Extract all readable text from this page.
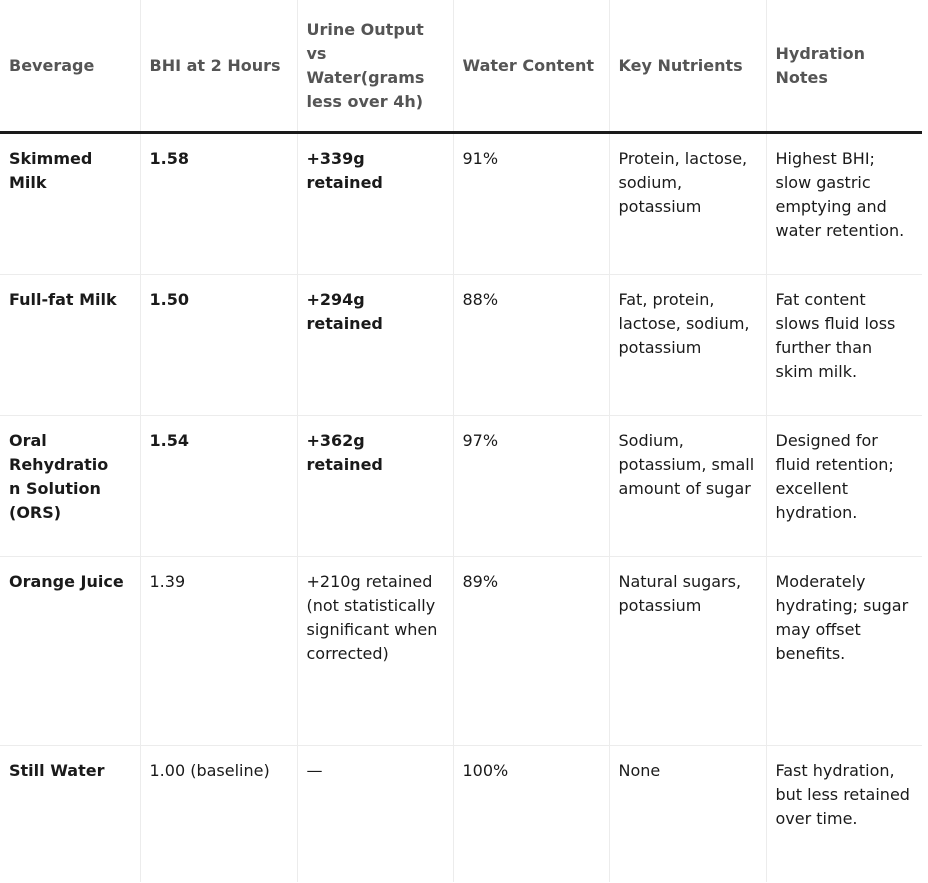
Beverage	BHI at 2 Hours	Urine Output vs Water(grams less over 4h)	Water Content	Key Nutrients	Hydration Notes
Skimmed Milk	1.58	+339g retained	91%	Protein, lactose, sodium, potassium	Highest BHI; slow gastric emptying and water retention.
Full-fat Milk	1.50	+294g retained	88%	Fat, protein, lactose, sodium, potassium	Fat content slows fluid loss further than skim milk.
Oral Rehydration Solution (ORS)	1.54	+362g retained	97%	Sodium, potassium, small amount of sugar	Designed for fluid retention; excellent hydration.
Orange Juice	1.39	+210g retained (not statistically significant when corrected)	89%	Natural sugars, potassium	Moderately hydrating; sugar may offset benefits.
Still Water	1.00 (baseline)	—	100%	None	Fast hydration, but less retained over time.
